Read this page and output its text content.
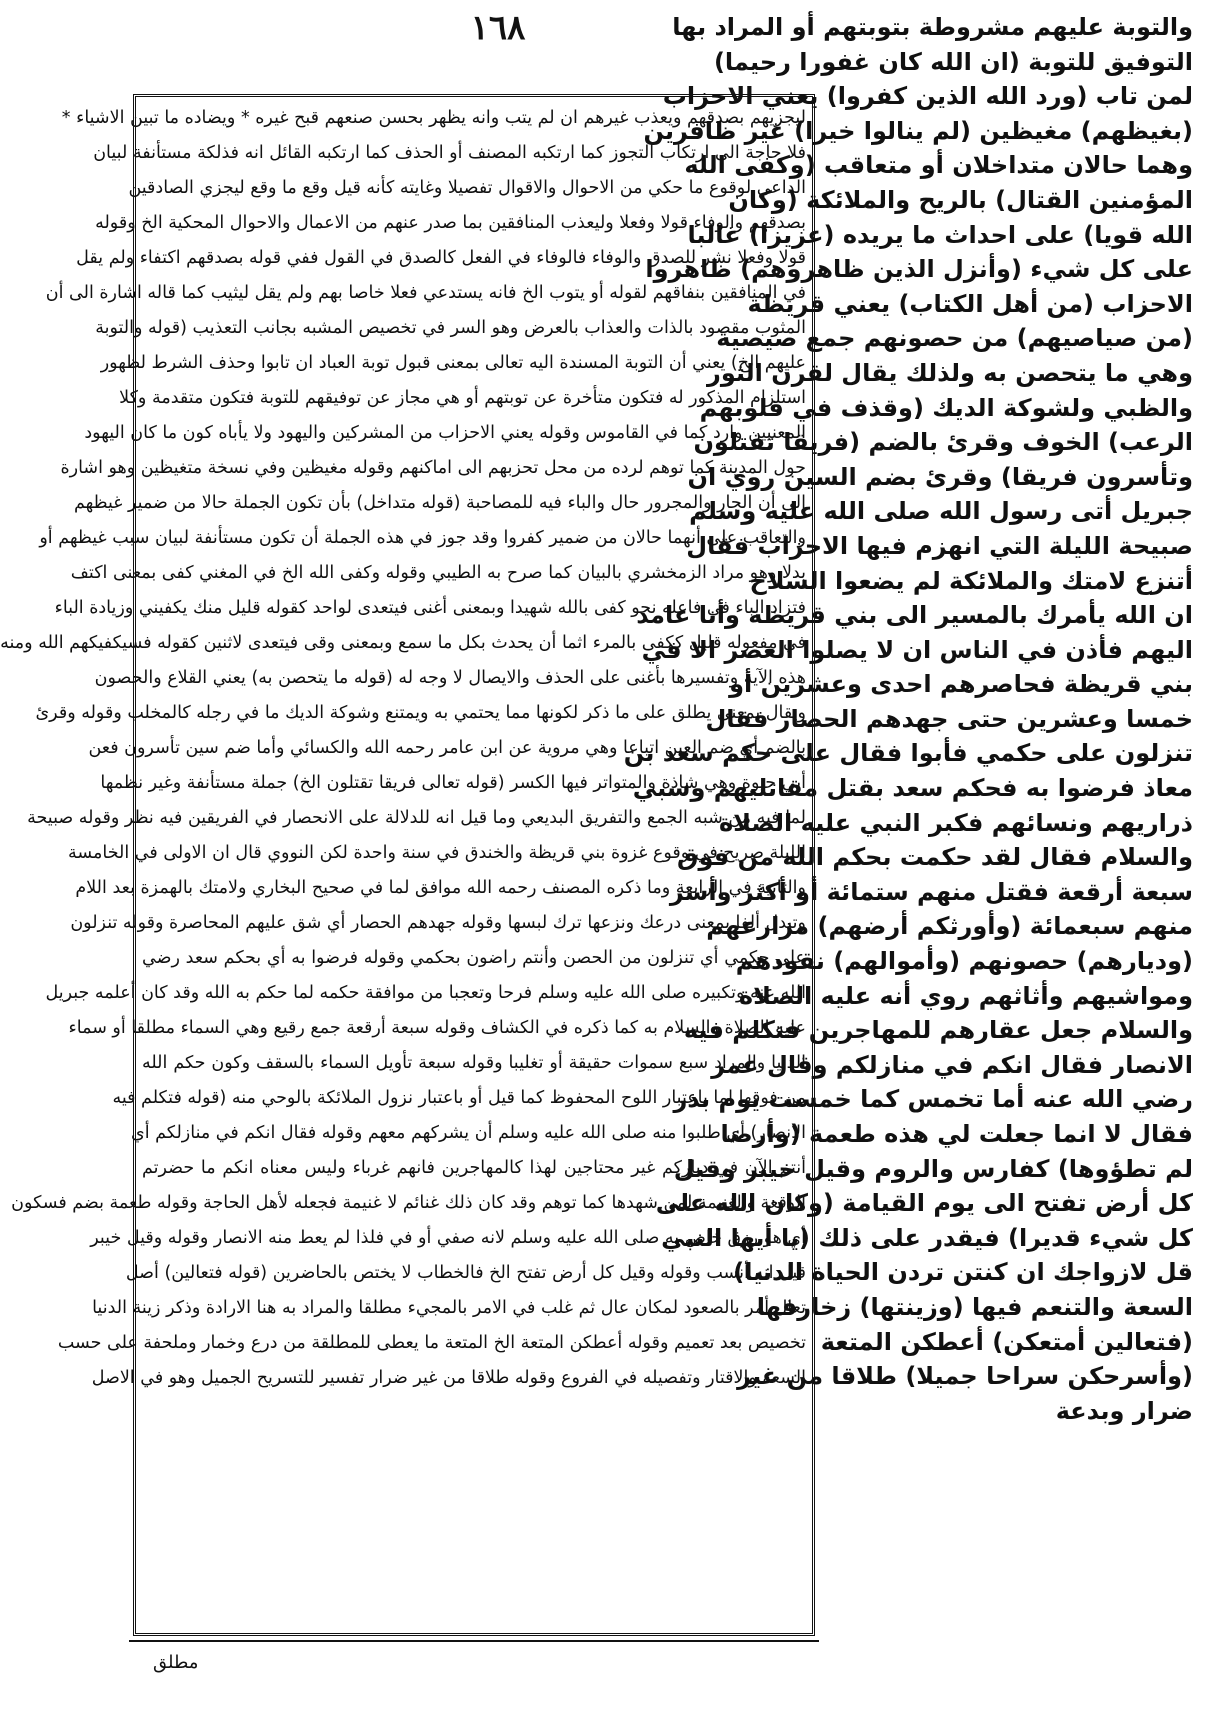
١٦٨	والتوبة عليهم مشروطة بتوبتهم أو المراد بها
التوفيق للتوبة (ان الله كان غفورا رحيما)
لمن تاب (ورد الله الذين كفروا) يعني الاحزاب
(بغيظهم) مغيظين (لم ينالوا خيرا) غير ظافرين
وهما حالان متداخلان أو متعاقب (وكفى الله
المؤمنين القتال) بالريح والملائكة (وكان
الله قويا) على احداث ما يريده (عزيزا) غالبا
على كل شيء (وأنزل الذين ظاهروهم) ظاهروا
الاحزاب (من أهل الكتاب) يعني قريظة
(من صياصيهم) من حصونهم جمع صيصية
وهي ما يتحصن به ولذلك يقال لقرن الثور
والظبي ولشوكة الديك (وقذف في قلوبهم
الرعب) الخوف وقرئ بالضم (فريقا تقتلون
وتأسرون فريقا) وقرئ بضم السين روي ان
جبريل أتى رسول الله صلى الله عليه وسلم
صبيحة الليلة التي انهزم فيها الاحزاب فقال
أتنزع لامتك والملائكة لم يضعوا السلاح
ان الله يأمرك بالمسير الى بني قريظة وأنا عامد
اليهم فأذن في الناس ان لا يصلوا العصر الا في
بني قريظة فحاصرهم احدى وعشرين أو
خمسا وعشرين حتى جهدهم الحصار فقال
تنزلون على حكمي فأبوا فقال على حكم سعد بن
معاذ فرضوا به فحكم سعد بقتل مقاتليهم وسبي
ذراريهم ونسائهم فكبر النبي عليه الصلاة
والسلام فقال لقد حكمت بحكم الله من فوق
سبعة أرقعة فقتل منهم ستمائة أو أكثر وأسر
منهم سبعمائة (وأورثكم أرضهم) مزارعهم
(وديارهم) حصونهم (وأموالهم) نقودهم
ومواشيهم وأثاثهم روي أنه عليه الصلاة
والسلام جعل عقارهم للمهاجرين فتكلم فيه
الانصار فقال انكم في منازلكم وقال عمر
رضي الله عنه أما تخمس كما خمست يوم بدر
فقال لا انما جعلت لي هذه طعمة (وأرضا
لم تطؤوها) كفارس والروم وقيل خيبر وقيل
كل أرض تفتح الى يوم القيامة (وكان الله على
كل شيء قديرا) فيقدر على ذلك (يا أيها النبي
قل لازواجك ان كنتن تردن الحياة الدنيا)
السعة والتنعم فيها (وزينتها) زخارفها
(فتعالين أمتعكن) أعطكن المتعة
(وأسرحكن سراحا جميلا) طلاقا من غير
ضرار وبدعة
ليجزيهم بصدقهم ويعذب غيرهم ان لم يتب وانه يظهر بحسن صنعهم قبح غيره * ويضاده ما تبين الاشياء *
فلا حاجة الى ارتكاب التجوز كما ارتكبه المصنف أو الحذف كما ارتكبه القائل انه فذلكة مستأنفة لبيان
الداعي لوقوع ما حكي من الاحوال والاقوال تفصيلا وغايته كأنه قيل وقع ما وقع ليجزي الصادقين
بصدقهم والوفاء قولا وفعلا وليعذب المنافقين بما صدر عنهم من الاعمال والاحوال المحكية الخ وقوله
قولا وفعلا نشر للصدق والوفاء فالوفاء في الفعل كالصدق في القول ففي قوله بصدقهم اكتفاء ولم يقل
في المنافقين بنفاقهم لقوله أو يتوب الخ فانه يستدعي فعلا خاصا بهم ولم يقل ليثيب كما قاله اشارة الى أن
المثوب مقصود بالذات والعذاب بالعرض وهو السر في تخصيص المشبه بجانب التعذيب (قوله والتوبة
عليهم الخ) يعني أن التوبة المسندة اليه تعالى بمعنى قبول توبة العباد ان تابوا وحذف الشرط لظهور
استلزام المذكور له فتكون متأخرة عن توبتهم أو هي مجاز عن توفيقهم للتوبة فتكون متقدمة وكلا
المعنيين وارد كما في القاموس وقوله يعني الاحزاب من المشركين واليهود ولا يأباه كون ما كان اليهود
حول المدينة كما توهم لرده من محل تحزبهم الى اماكنهم وقوله مغيظين وفي نسخة متغيظين وهو اشارة
الى أن الجار والمجرور حال والباء فيه للمصاحبة (قوله متداخل) بأن تكون الجملة حالا من ضمير غيظهم
والتعاقب على أنهما حالان من ضمير كفروا وقد جوز في هذه الجملة أن تكون مستأنفة لبيان سبب غيظهم أو
بدلا وهو مراد الزمخشري بالبيان كما صرح به الطيبي وقوله وكفى الله الخ في المغني كفى بمعنى اكتف
فتزاد الباء في فاعله نحو كفى بالله شهيدا وبمعنى أغنى فيتعدى لواحد كقوله قليل منك يكفيني وزيادة الباء
في مفعوله قليل ككفى بالمرء اثما أن يحدث بكل ما سمع وبمعنى وقى فيتعدى لاثنين كقوله فسيكفيكهم الله ومنه
هذه الآية وتفسيرها بأغنى على الحذف والايصال لا وجه له (قوله ما يتحصن به) يعني القلاع والحصون
ويقال بمعنى يطلق على ما ذكر لكونها مما يحتمي به ويمتنع وشوكة الديك ما في رجله كالمخلب وقوله وقرئ
بالضم أي ضم العين اتباعا وهي مروية عن ابن عامر رحمه الله والكسائي وأما ضم سين تأسرون فعن
أبي حيوة وهي شاذة والمتواتر فيها الكسر (قوله تعالى فريقا تقتلون الخ) جملة مستأنفة وغير نظمها
لما فيه من شبه الجمع والتفريق البديعي وما قيل انه للدلالة على الانحصار في الفريقين فيه نظر وقوله صبيحة
الليلة صريح في وقوع غزوة بني قريظة والخندق في سنة واحدة لكن النووي قال ان الاولى في الخامسة
والثانية في الرابعة وما ذكره المصنف رحمه الله موافق لما في صحيح البخاري ولامتك بالهمزة بعد اللام
وتبدل ألفا بمعنى درعك ونزعها ترك لبسها وقوله جهدهم الحصار أي شق عليهم المحاصرة وقوله تنزلون
على حكمي أي تنزلون من الحصن وأنتم راضون بحكمي وقوله فرضوا به أي بحكم سعد رضي
الله عنه وتكبيره صلى الله عليه وسلم فرحا وتعجبا من موافقة حكمه لما حكم به الله وقد كان أعلمه جبريل
عليه الصلاة والسلام به كما ذكره في الكشاف وقوله سبعة أرقعة جمع رقيع وهي السماء مطلقا أو سماء
الدنيا والمراد سبع سموات حقيقة أو تغليبا وقوله سبعة تأويل السماء بالسقف وكون حكم الله
من فوقها اما باعتبار اللوح المحفوظ كما قيل أو باعتبار نزول الملائكة بالوحي منه (قوله فتكلم فيه
الانصار) أي طلبوا منه صلى الله عليه وسلم أن يشركهم معهم وقوله فقال انكم في منازلكم أي
أنتم الآن في دياركم غير محتاجين لهذا كالمهاجرين فانهم غرباء وليس معناه انكم ما حضرتم
الوقعة والغنيمة لمن شهدها كما توهم وقد كان ذلك غنائم لا غنيمة فجعله لأهل الحاجة وقوله طعمة بضم فسكون
أي هو رزق خاص به صلى الله عليه وسلم لانه صفي أو في فلذا لم يعط منه الانصار وقوله وقيل خيبر
قيل انه أنسب وقوله وقيل كل أرض تفتح الخ فالخطاب لا يختص بالحاضرين (قوله فتعالين) أصل
تعال أمر بالصعود لمكان عال ثم غلب في الامر بالمجيء مطلقا والمراد به هنا الارادة وذكر زينة الدنيا
تخصيص بعد تعميم وقوله أعطكن المتعة الخ المتعة ما يعطى للمطلقة من درع وخمار وملحفة على حسب
السعة والاقتار وتفصيله في الفروع وقوله طلاقا من غير ضرار تفسير للتسريح الجميل وهو في الاصل
مطلق
